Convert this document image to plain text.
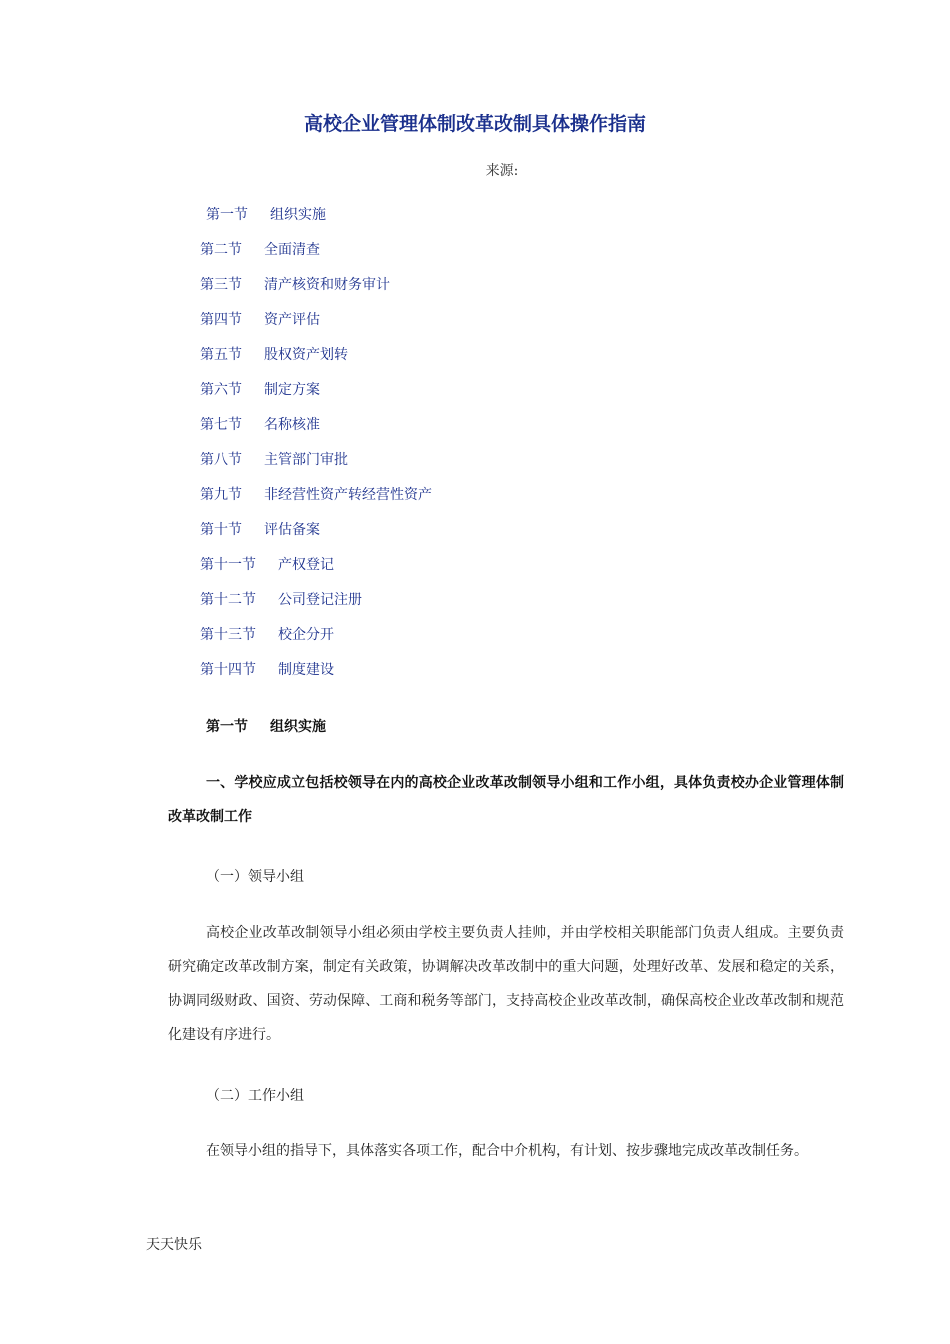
高校企业管理体制改革改制具体操作指南
来源:
第一节 组织实施
第二节 全面清查
第三节 清产核资和财务审计
第四节 资产评估
第五节 股权资产划转
第六节 制定方案
第七节 名称核准
第八节 主管部门审批
第九节 非经营性资产转经营性资产
第十节 评估备案
第十一节 产权登记
第十二节 公司登记注册
第十三节 校企分开
第十四节 制度建设
第一节 组织实施

一、学校应成立包括校领导在内的高校企业改革改制领导小组和工作小组，具体负责校办企业管理体制改革改制工作

（一）领导小组

高校企业改革改制领导小组必须由学校主要负责人挂帅，并由学校相关职能部门负责人组成。主要负责研究确定改革改制方案，制定有关政策，协调解决改革改制中的重大问题，处理好改革、发展和稳定的关系，协调同级财政、国资、劳动保障、工商和税务等部门，支持高校企业改革改制，确保高校企业改革改制和规范化建设有序进行。

（二）工作小组

在领导小组的指导下，具体落实各项工作，配合中介机构，有计划、按步骤地完成改革改制任务。

天天快乐
